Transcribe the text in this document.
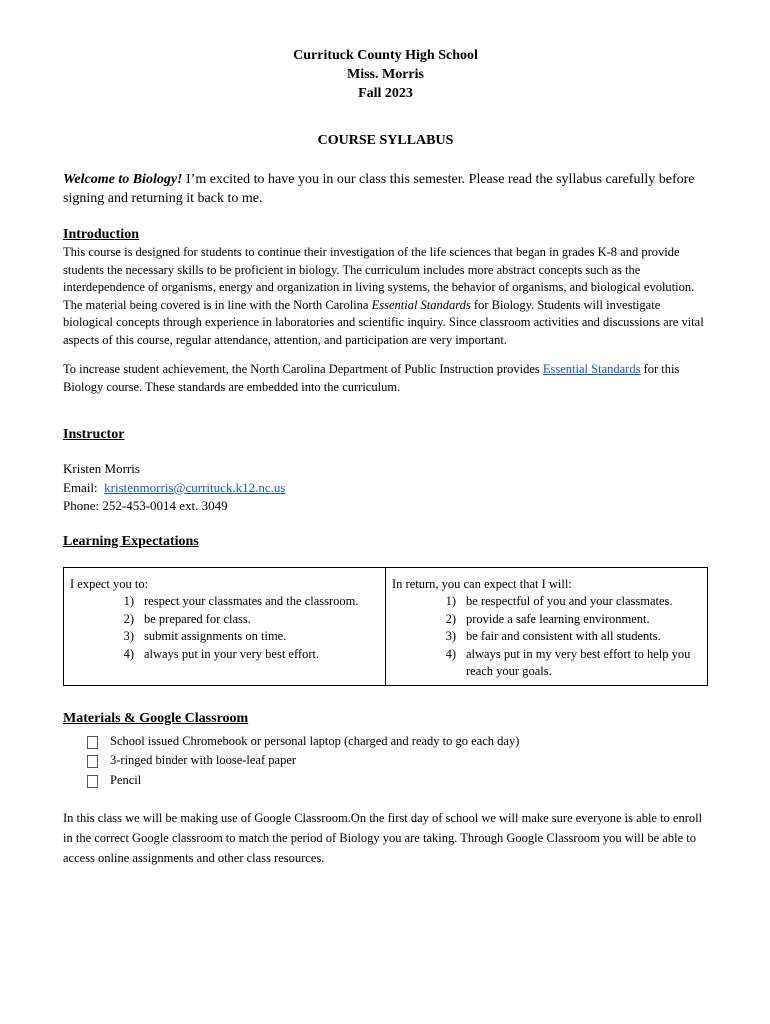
Currituck County High School
Miss. Morris
Fall 2023
COURSE SYLLABUS
Welcome to Biology! I’m excited to have you in our class this semester. Please read the syllabus carefully before signing and returning it back to me.
Introduction
This course is designed for students to continue their investigation of the life sciences that began in grades K-8 and provide students the necessary skills to be proficient in biology. The curriculum includes more abstract concepts such as the interdependence of organisms, energy and organization in living systems, the behavior of organisms, and biological evolution. The material being covered is in line with the North Carolina Essential Standards for Biology. Students will investigate biological concepts through experience in laboratories and scientific inquiry. Since classroom activities and discussions are vital aspects of this course, regular attendance, attention, and participation are very important.
To increase student achievement, the North Carolina Department of Public Instruction provides Essential Standards for this Biology course. These standards are embedded into the curriculum.
Instructor
Kristen Morris
Email:  kristenmorris@currituck.k12.nc.us
Phone: 252-453-0014 ext. 3049
Learning Expectations
I expect you to:
1) respect your classmates and the classroom.
2) be prepared for class.
3) submit assignments on time.
4) always put in your very best effort.
In return, you can expect that I will:
1) be respectful of you and your classmates.
2) provide a safe learning environment.
3) be fair and consistent with all students.
4) always put in my very best effort to help you reach your goals.
Materials & Google Classroom
School issued Chromebook or personal laptop (charged and ready to go each day)
3-ringed binder with loose-leaf paper
Pencil
In this class we will be making use of Google Classroom.On the first day of school we will make sure everyone is able to enroll in the correct Google classroom to match the period of Biology you are taking. Through Google Classroom you will be able to access online assignments and other class resources.
